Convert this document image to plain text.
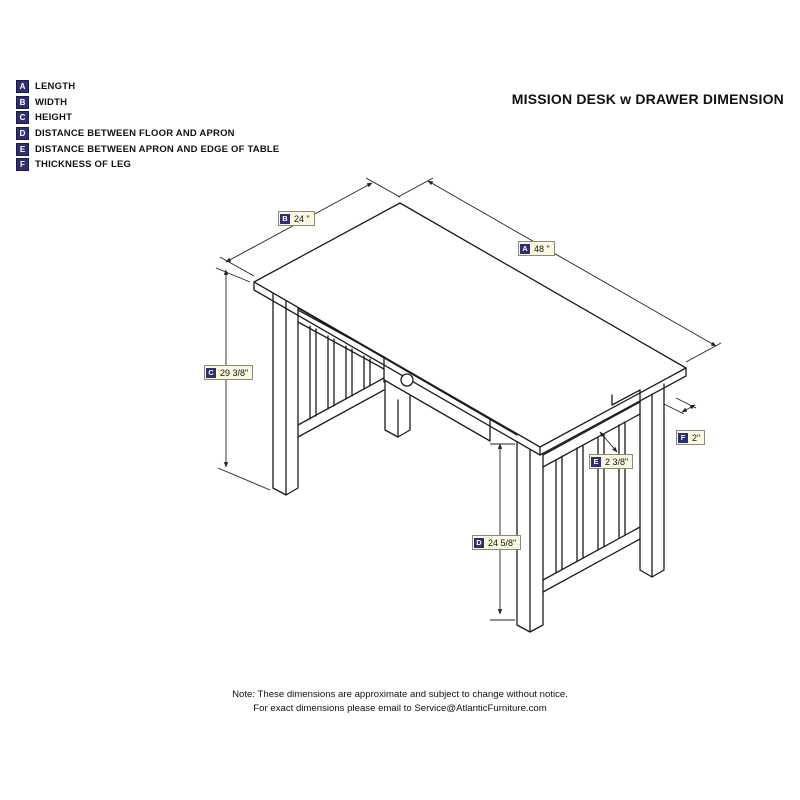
A	LENGTH
B	WIDTH
C	HEIGHT
D	DISTANCE BETWEEN FLOOR AND APRON
E	DISTANCE BETWEEN APRON AND EDGE OF TABLE
F	THICKNESS OF LEG
MISSION DESK w DRAWER DIMENSION
B 24 "
A 48 "
C 29 3/8"
F 2"
E 2 3/8"
D 24 5/8"
Note: These dimensions are approximate and subject to change without notice.
For exact dimensions please email to Service@AtlanticFurniture.com
